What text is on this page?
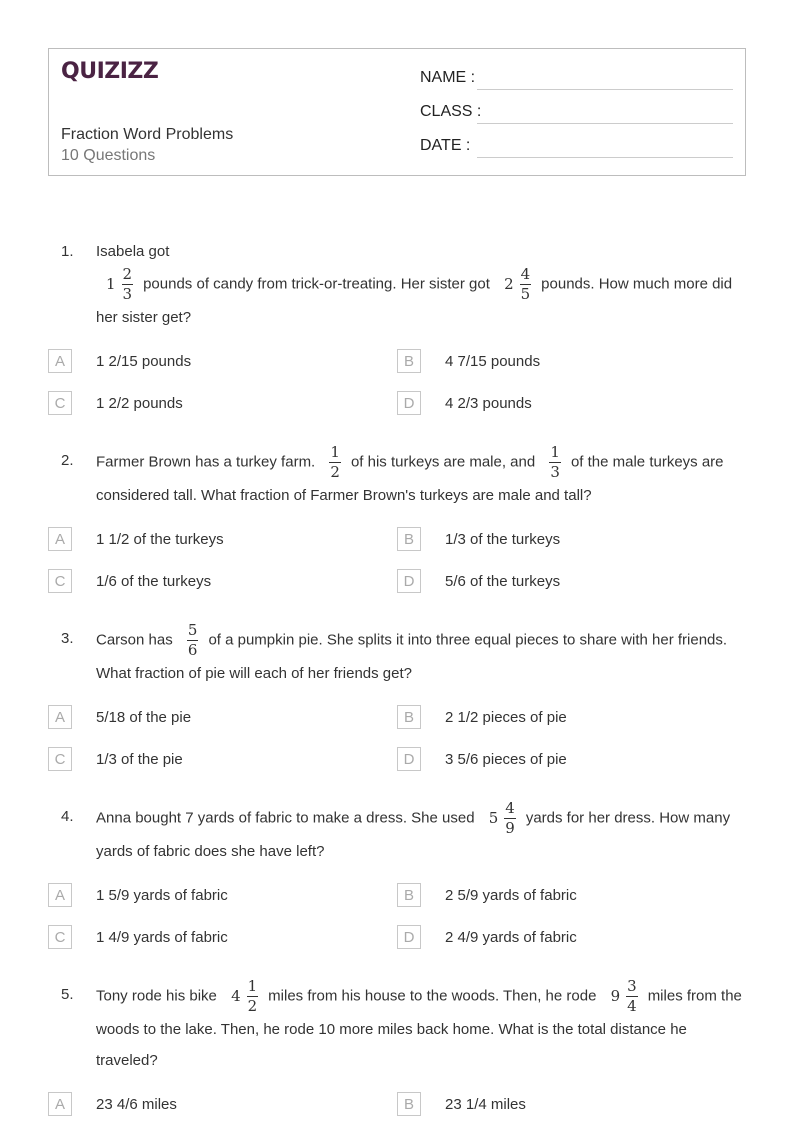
QUIZIZZ
Fraction Word Problems
10 Questions
NAME :
CLASS :
DATE :
1. Isabela got
$1 \frac{2}{3}$ pounds of candy from trick-or-treating. Her sister got $2 \frac{4}{5}$ pounds. How much more did her sister get?
A	1 2/15 pounds	B	4 7/15 pounds
C	1 2/2 pounds	D	4 2/3 pounds
2. Farmer Brown has a turkey farm. $\frac{1}{2}$ of his turkeys are male, and $\frac{1}{3}$ of the male turkeys are considered tall. What fraction of Farmer Brown's turkeys are male and tall?
A	1 1/2 of the turkeys	B	1/3 of the turkeys
C	1/6 of the turkeys	D	5/6 of the turkeys
3. Carson has $\frac{5}{6}$ of a pumpkin pie. She splits it into three equal pieces to share with her friends. What fraction of pie will each of her friends get?
A	5/18 of the pie	B	2 1/2 pieces of pie
C	1/3 of the pie	D	3 5/6 pieces of pie
4. Anna bought 7 yards of fabric to make a dress. She used $5 \frac{4}{9}$ yards for her dress. How many yards of fabric does she have left?
A	1 5/9 yards of fabric	B	2 5/9 yards of fabric
C	1 4/9 yards of fabric	D	2 4/9 yards of fabric
5. Tony rode his bike $4 \frac{1}{2}$ miles from his house to the woods. Then, he rode $9 \frac{3}{4}$ miles from the woods to the lake. Then, he rode 10 more miles back home. What is the total distance he traveled?
A	23 4/6 miles	B	23 1/4 miles
